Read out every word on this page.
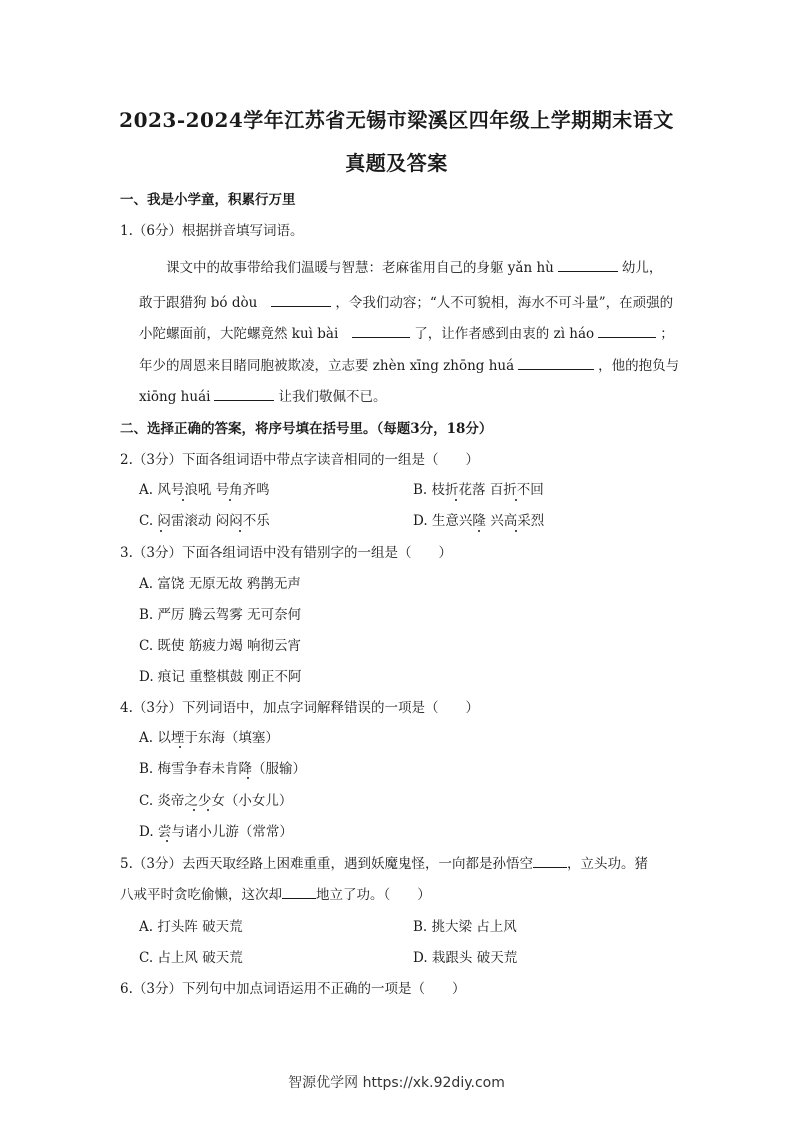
2023-2024学年江苏省无锡市梁溪区四年级上学期期末语文
真题及答案
一、我是小学童，积累行万里
1.（6分）根据拼音填写词语。
课文中的故事带给我们温暖与智慧：老麻雀用自己的身躯 yǎn hù	幼儿，
敢于跟猎狗 bó dòu	，令我们动容；“人不可貌相，海水不可斗量”，在顽强的
小陀螺面前，大陀螺竟然 kuì bài	了，让作者感到由衷的 zì háo	；
年少的周恩来目睹同胞被欺凌，立志要 zhèn xīng zhōng huá	，他的抱负与
xiōng huái	让我们敬佩不已。
二、选择正确的答案，将序号填在括号里。（每题3分，18分）
2.（3分）下面各组词语中带点字读音相同的一组是（　　）
A. 风号浪吼 号角齐鸣	B. 枝折花落 百折不回
C. 闷雷滚动 闷闷不乐	D. 生意兴隆 兴高采烈
3.（3分）下面各组词语中没有错别字的一组是（　　）
A. 富饶 无原无故 鸦鹊无声
B. 严厉 腾云驾雾 无可奈何
C. 既使 筋疲力竭 响彻云宵
D. 痕记 重整棋鼓 刚正不阿
4.（3分）下列词语中，加点字词解释错误的一项是（　　）
A. 以堙于东海（填塞）
B. 梅雪争春未肯降（服输）
C. 炎帝之少女（小女儿）
D. 尝与诸小儿游（常常）
5.（3分）去西天取经路上困难重重，遇到妖魔鬼怪，一向都是孙悟空	，立头功。猪
八戒平时贪吃偷懒，这次却	地立了功。（　　）
A. 打头阵 破天荒	B. 挑大梁 占上风
C. 占上风 破天荒	D. 栽跟头 破天荒
6.（3分）下列句中加点词语运用不正确的一项是（　　）
智源优学网 https://xk.92diy.com
